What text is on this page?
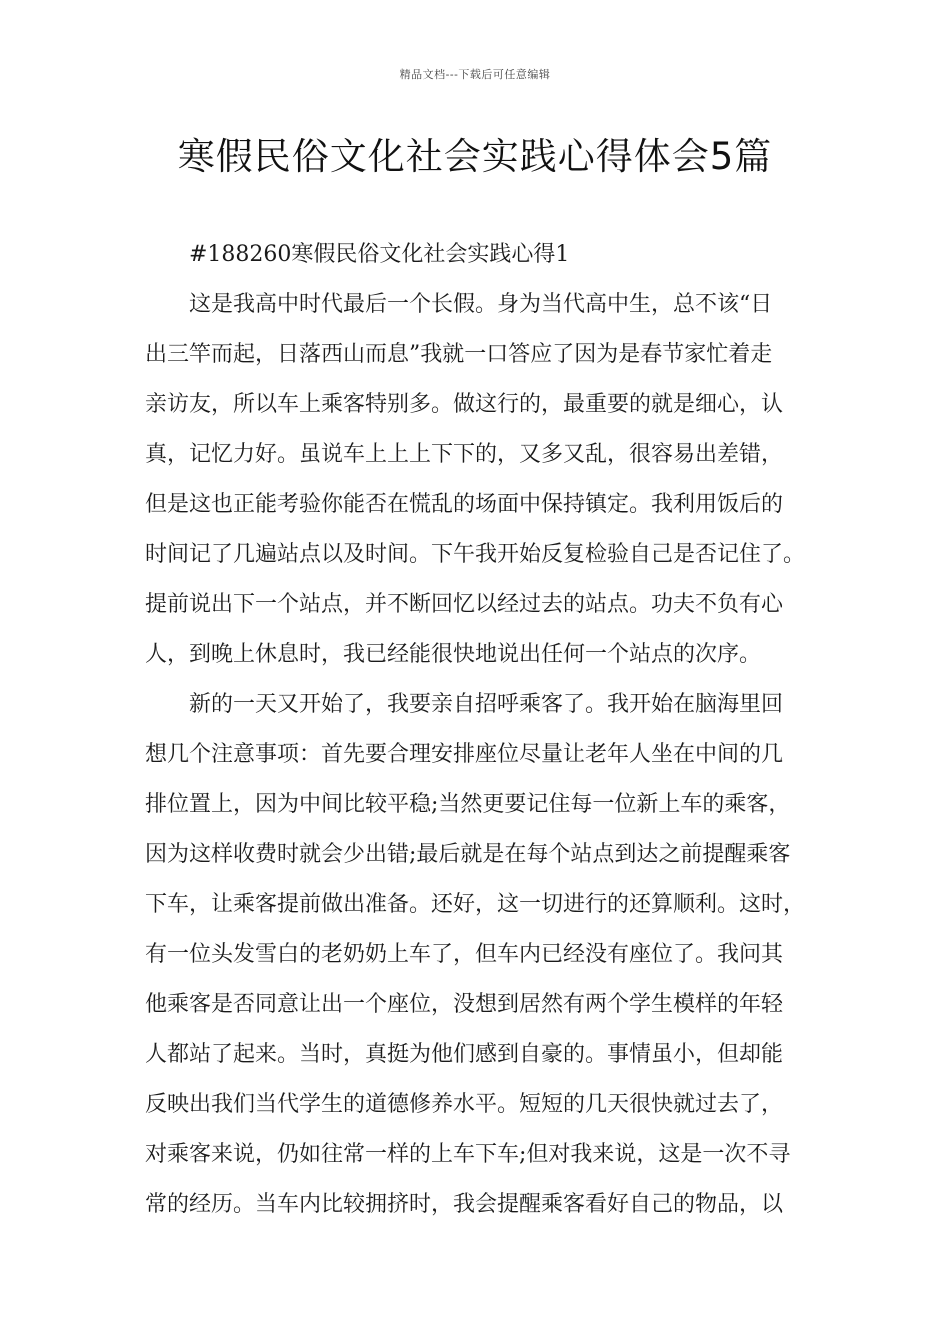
精品文档---下载后可任意编辑
寒假民俗文化社会实践心得体会5篇
#188260寒假民俗文化社会实践心得1
这是我高中时代最后一个长假。身为当代高中生，总不该“日
出三竿而起，日落西山而息”我就一口答应了因为是春节家忙着走
亲访友，所以车上乘客特别多。做这行的，最重要的就是细心，认
真，记忆力好。虽说车上上上下下的，又多又乱，很容易出差错，
但是这也正能考验你能否在慌乱的场面中保持镇定。我利用饭后的
时间记了几遍站点以及时间。下午我开始反复检验自己是否记住了。
提前说出下一个站点，并不断回忆以经过去的站点。功夫不负有心
人，到晚上休息时，我已经能很快地说出任何一个站点的次序。
新的一天又开始了，我要亲自招呼乘客了。我开始在脑海里回
想几个注意事项：首先要合理安排座位尽量让老年人坐在中间的几
排位置上，因为中间比较平稳;当然更要记住每一位新上车的乘客，
因为这样收费时就会少出错;最后就是在每个站点到达之前提醒乘客
下车，让乘客提前做出准备。还好，这一切进行的还算顺利。这时，
有一位头发雪白的老奶奶上车了，但车内已经没有座位了。我问其
他乘客是否同意让出一个座位，没想到居然有两个学生模样的年轻
人都站了起来。当时，真挺为他们感到自豪的。事情虽小，但却能
反映出我们当代学生的道德修养水平。短短的几天很快就过去了，
对乘客来说，仍如往常一样的上车下车;但对我来说，这是一次不寻
常的经历。当车内比较拥挤时，我会提醒乘客看好自己的物品，以
